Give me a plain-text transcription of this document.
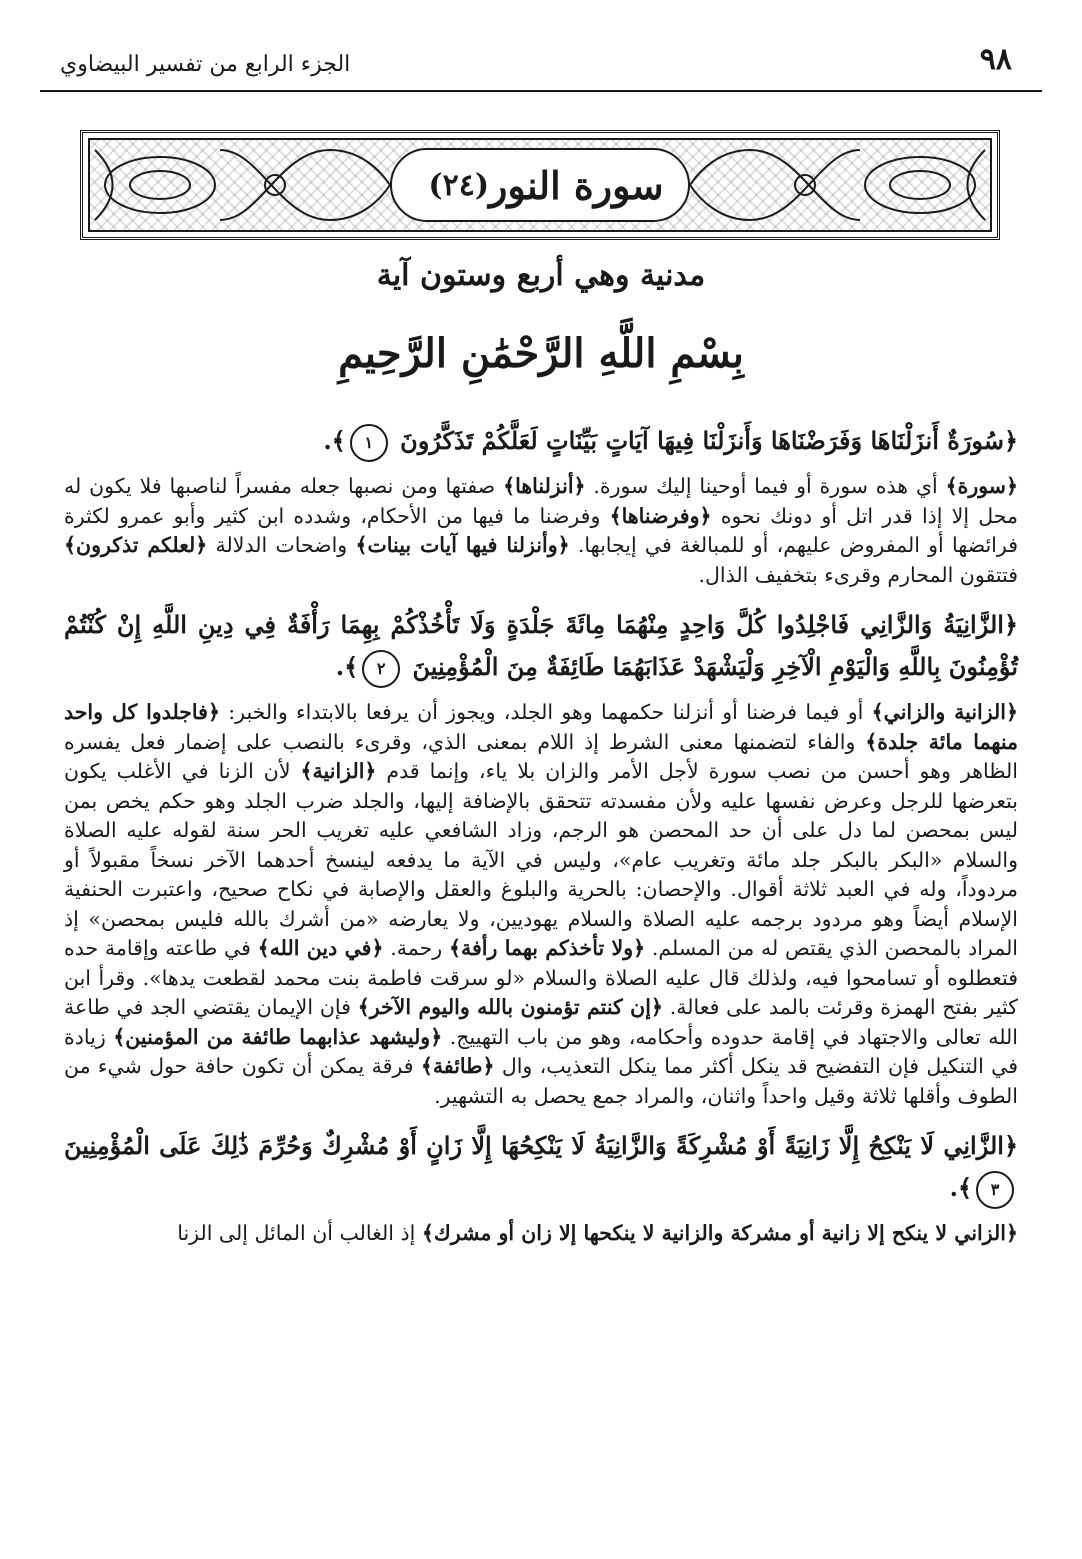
٩٨
الجزء الرابع من تفسير البيضاوي
سورة النور
(٢٤)
مدنية وهي أربع وستون آية
بِسْمِ اللَّهِ الرَّحْمَٰنِ الرَّحِيمِ

﴿سُورَةٌ أَنزَلْنَاهَا وَفَرَضْنَاهَا وَأَنزَلْنَا فِيهَا آيَاتٍ بَيِّنَاتٍ لَعَلَّكُمْ تَذَكَّرُونَ ١﴾.

﴿سورة﴾ أي هذه سورة أو فيما أوحينا إليك سورة. ﴿أنزلناها﴾ صفتها ومن نصبها جعله مفسراً لناصبها فلا يكون له محل إلا إذا قدر اتل أو دونك نحوه ﴿وفرضناها﴾ وفرضنا ما فيها من الأحكام، وشدده ابن كثير وأبو عمرو لكثرة فرائضها أو المفروض عليهم، أو للمبالغة في إيجابها. ﴿وأنزلنا فيها آيات بينات﴾ واضحات الدلالة ﴿لعلكم تذكرون﴾ فتتقون المحارم وقرىء بتخفيف الذال.

﴿الزَّانِيَةُ وَالزَّانِي فَاجْلِدُوا كُلَّ وَاحِدٍ مِنْهُمَا مِائَةَ جَلْدَةٍ وَلَا تَأْخُذْكُمْ بِهِمَا رَأْفَةٌ فِي دِينِ اللَّهِ إِنْ كُنْتُمْ تُؤْمِنُونَ بِاللَّهِ وَالْيَوْمِ الْآخِرِ وَلْيَشْهَدْ عَذَابَهُمَا طَائِفَةٌ مِنَ الْمُؤْمِنِينَ ٢﴾.

﴿الزانية والزاني﴾ أو فيما فرضنا أو أنزلنا حكمهما وهو الجلد، ويجوز أن يرفعا بالابتداء والخبر: ﴿فاجلدوا كل واحد منهما مائة جلدة﴾ والفاء لتضمنها معنى الشرط إذ اللام بمعنى الذي، وقرىء بالنصب على إضمار فعل يفسره الظاهر وهو أحسن من نصب سورة لأجل الأمر والزان بلا ياء، وإنما قدم ﴿الزانية﴾ لأن الزنا في الأغلب يكون بتعرضها للرجل وعرض نفسها عليه ولأن مفسدته تتحقق بالإضافة إليها، والجلد ضرب الجلد وهو حكم يخص بمن ليس بمحصن لما دل على أن حد المحصن هو الرجم، وزاد الشافعي عليه تغريب الحر سنة لقوله عليه الصلاة والسلام «البكر بالبكر جلد مائة وتغريب عام»، وليس في الآية ما يدفعه لينسخ أحدهما الآخر نسخاً مقبولاً أو مردوداً، وله في العبد ثلاثة أقوال. والإحصان: بالحرية والبلوغ والعقل والإصابة في نكاح صحيح، واعتبرت الحنفية الإسلام أيضاً وهو مردود برجمه عليه الصلاة والسلام يهوديين، ولا يعارضه «من أشرك بالله فليس بمحصن» إذ المراد بالمحصن الذي يقتص له من المسلم. ﴿ولا تأخذكم بهما رأفة﴾ رحمة. ﴿في دين الله﴾ في طاعته وإقامة حده فتعطلوه أو تسامحوا فيه، ولذلك قال عليه الصلاة والسلام «لو سرقت فاطمة بنت محمد لقطعت يدها». وقرأ ابن كثير بفتح الهمزة وقرئت بالمد على فعالة. ﴿إن كنتم تؤمنون بالله واليوم الآخر﴾ فإن الإيمان يقتضي الجد في طاعة الله تعالى والاجتهاد في إقامة حدوده وأحكامه، وهو من باب التهييج. ﴿وليشهد عذابهما طائفة من المؤمنين﴾ زيادة في التنكيل فإن التفضيح قد ينكل أكثر مما ينكل التعذيب، وال ﴿طائفة﴾ فرقة يمكن أن تكون حافة حول شيء من الطوف وأقلها ثلاثة وقيل واحداً واثنان، والمراد جمع يحصل به التشهير.

﴿الزَّانِي لَا يَنْكِحُ إِلَّا زَانِيَةً أَوْ مُشْرِكَةً وَالزَّانِيَةُ لَا يَنْكِحُهَا إِلَّا زَانٍ أَوْ مُشْرِكٌ وَحُرِّمَ ذَٰلِكَ عَلَى الْمُؤْمِنِينَ ٣﴾.

﴿الزاني لا ينكح إلا زانية أو مشركة والزانية لا ينكحها إلا زان أو مشرك﴾ إذ الغالب أن المائل إلى الزنا
